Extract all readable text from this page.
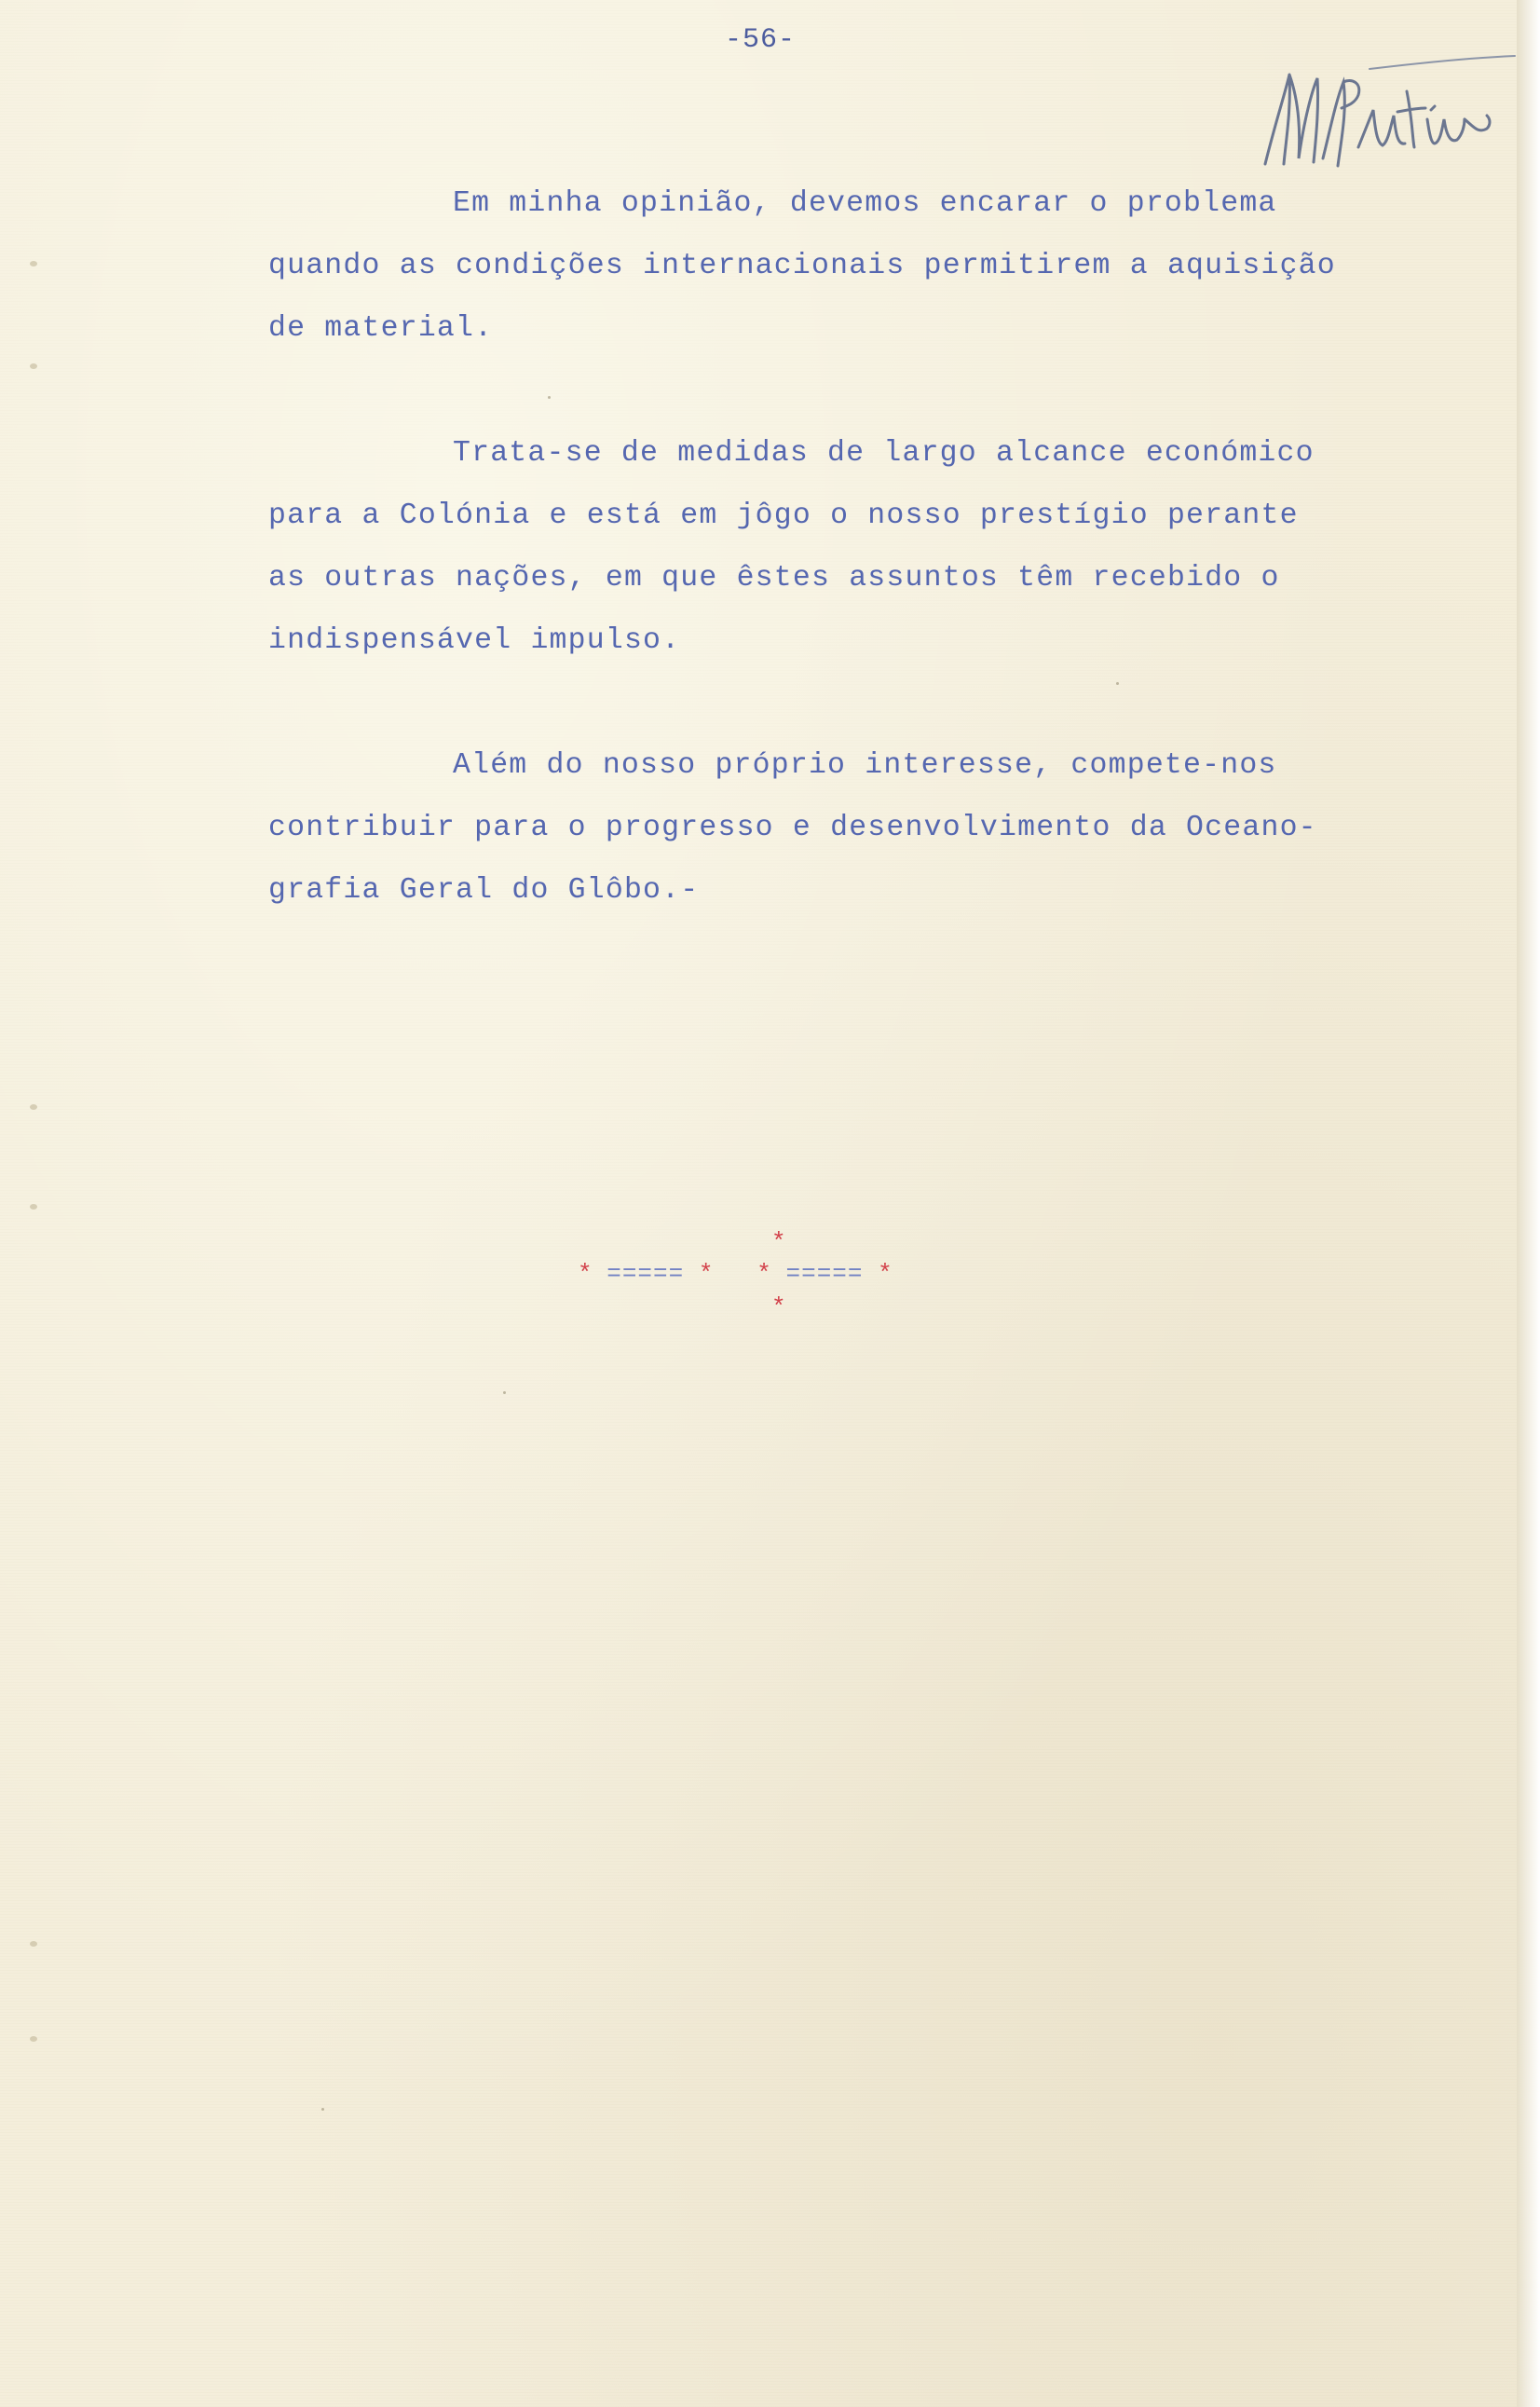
-56-
Em minha opinião, devemos encarar o problema
quando as condições internacionais permitirem a aquisição
de material.
Trata-se de medidas de largo alcance económico
para a Colónia e está em jôgo o nosso prestígio perante
as outras nações, em que êstes assuntos têm recebido o
indispensável impulso.
Além do nosso próprio interesse, compete-nos
contribuir para o progresso e desenvolvimento da Oceano-
grafia Geral do Glôbo.-
*
* ===== * * ===== *
*
